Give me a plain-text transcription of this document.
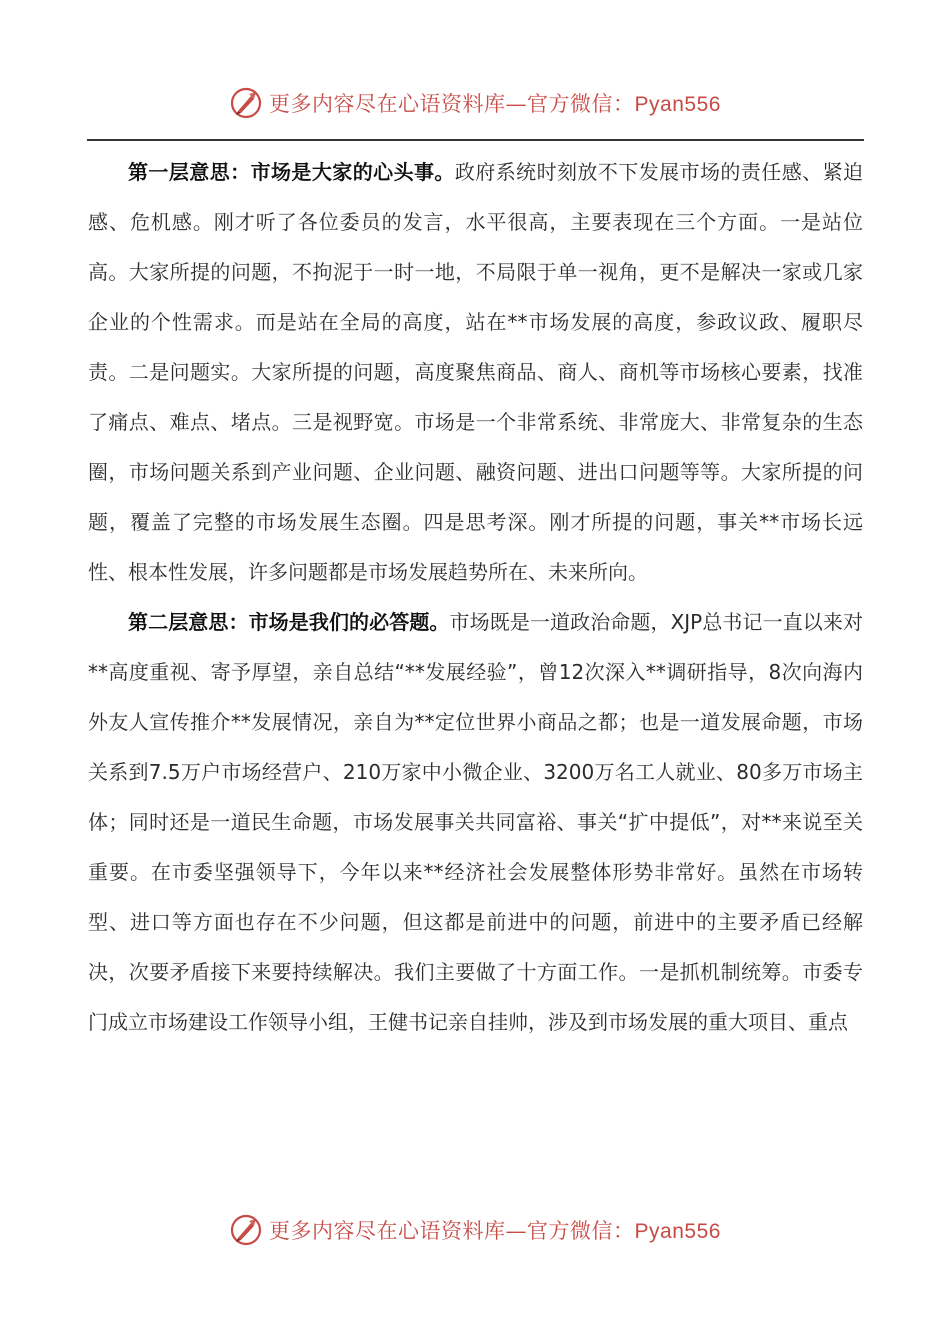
更多内容尽在心语资料库—官方微信：Pyan556

第一层意思：市场是大家的心头事。政府系统时刻放不下发展市场的责任感、紧迫感、危机感。刚才听了各位委员的发言，水平很高，主要表现在三个方面。一是站位高。大家所提的问题，不拘泥于一时一地，不局限于单一视角，更不是解决一家或几家企业的个性需求。而是站在全局的高度，站在**市场发展的高度，参政议政、履职尽责。二是问题实。大家所提的问题，高度聚焦商品、商人、商机等市场核心要素，找准了痛点、难点、堵点。三是视野宽。市场是一个非常系统、非常庞大、非常复杂的生态圈，市场问题关系到产业问题、企业问题、融资问题、进出口问题等等。大家所提的问题，覆盖了完整的市场发展生态圈。四是思考深。刚才所提的问题，事关**市场长远性、根本性发展，许多问题都是市场发展趋势所在、未来所向。

第二层意思：市场是我们的必答题。市场既是一道政治命题，XJP总书记一直以来对**高度重视、寄予厚望，亲自总结“**发展经验”，曾12次深入**调研指导，8次向海内外友人宣传推介**发展情况，亲自为**定位世界小商品之都；也是一道发展命题，市场关系到7.5万户市场经营户、210万家中小微企业、3200万名工人就业、80多万市场主体；同时还是一道民生命题，市场发展事关共同富裕、事关“扩中提低”，对**来说至关重要。在市委坚强领导下，今年以来**经济社会发展整体形势非常好。虽然在市场转型、进口等方面也存在不少问题，但这都是前进中的问题，前进中的主要矛盾已经解决，次要矛盾接下来要持续解决。我们主要做了十方面工作。一是抓机制统筹。市委专门成立市场建设工作领导小组，王健书记亲自挂帅，涉及到市场发展的重大项目、重点

更多内容尽在心语资料库—官方微信：Pyan556
